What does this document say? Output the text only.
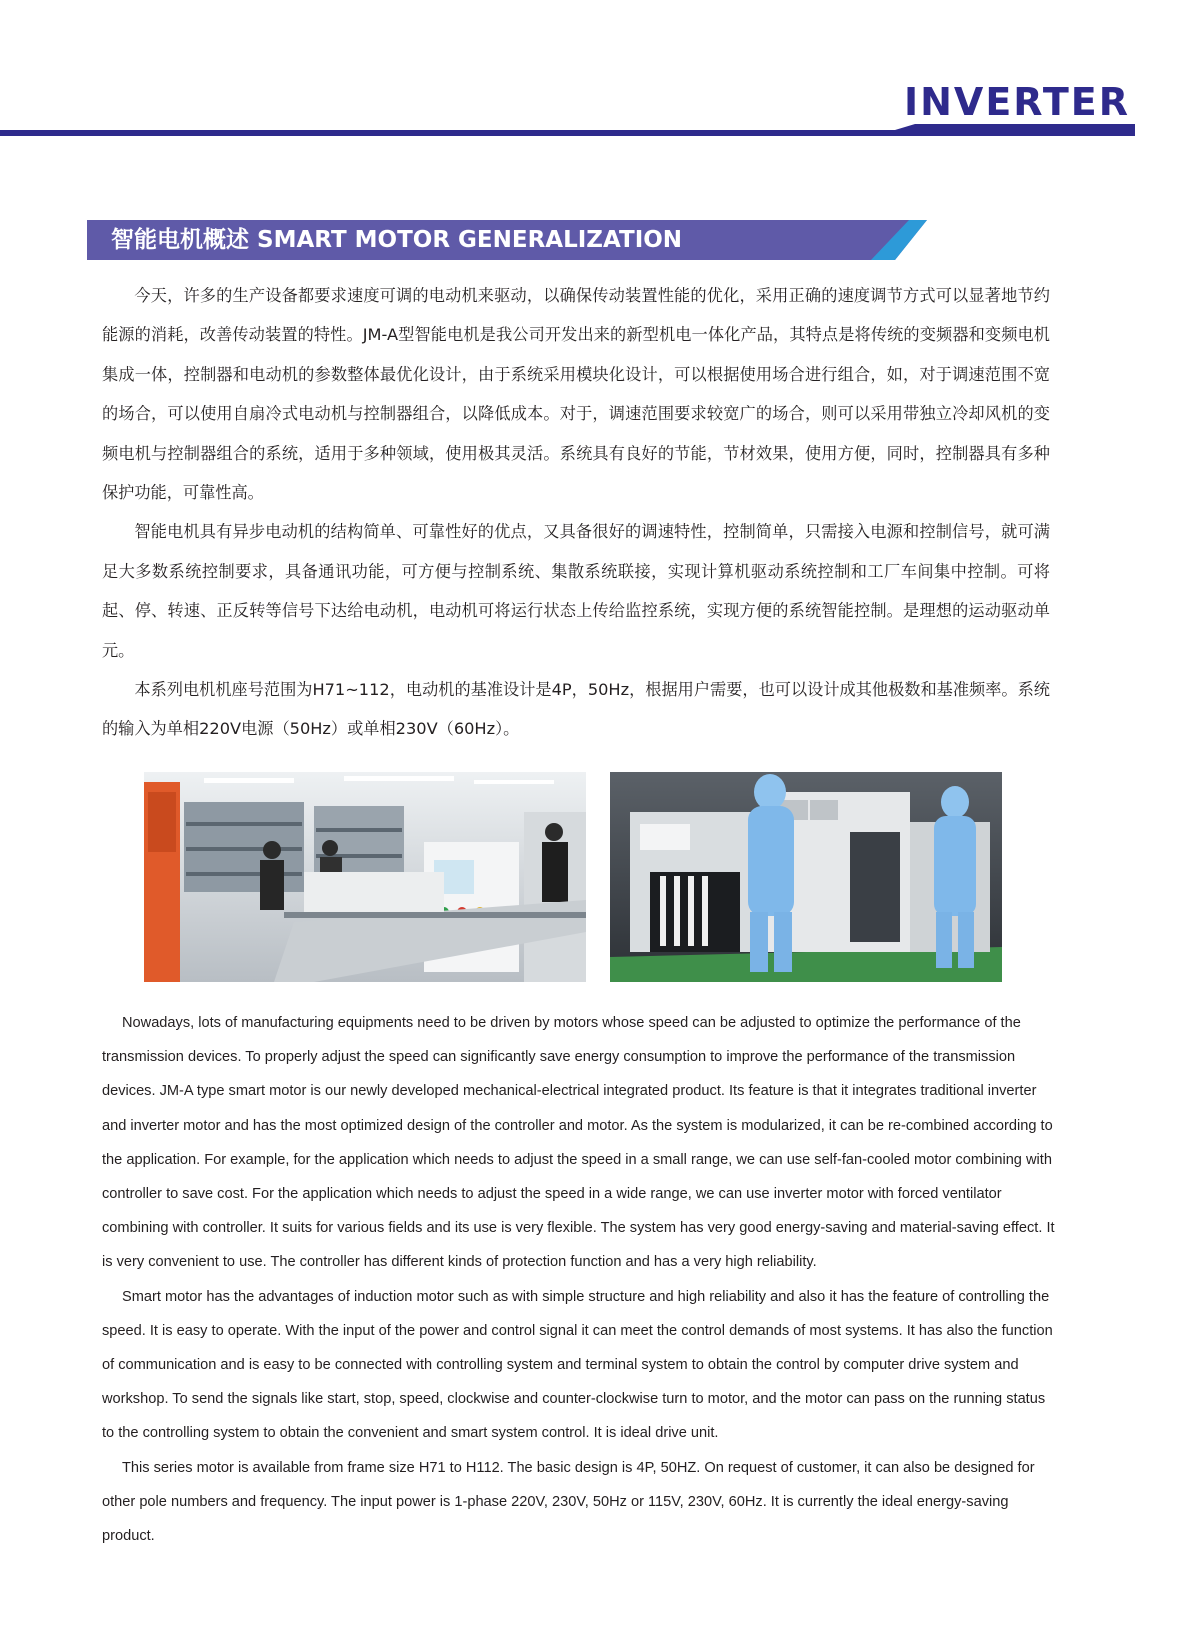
INVERTER
智能电机概述 SMART MOTOR GENERALIZATION

今天，许多的生产设备都要求速度可调的电动机来驱动，以确保传动装置性能的优化，采用正确的速度调节方式可以显著地节约能源的消耗，改善传动装置的特性。JM-A型智能电机是我公司开发出来的新型机电一体化产品，其特点是将传统的变频器和变频电机集成一体，控制器和电动机的参数整体最优化设计，由于系统采用模块化设计，可以根据使用场合进行组合，如，对于调速范围不宽的场合，可以使用自扇冷式电动机与控制器组合，以降低成本。对于，调速范围要求较宽广的场合，则可以采用带独立冷却风机的变频电机与控制器组合的系统，适用于多种领域，使用极其灵活。系统具有良好的节能，节材效果，使用方便，同时，控制器具有多种保护功能，可靠性高。

智能电机具有异步电动机的结构简单、可靠性好的优点，又具备很好的调速特性，控制简单，只需接入电源和控制信号，就可满足大多数系统控制要求，具备通讯功能，可方便与控制系统、集散系统联接，实现计算机驱动系统控制和工厂车间集中控制。可将起、停、转速、正反转等信号下达给电动机，电动机可将运行状态上传给监控系统，实现方便的系统智能控制。是理想的运动驱动单元。

本系列电机机座号范围为H71~112，电动机的基准设计是4P，50Hz，根据用户需要，也可以设计成其他极数和基准频率。系统的输入为单相220V电源（50Hz）或单相230V（60Hz）。

Nowadays, lots of manufacturing equipments need to be driven by motors whose speed can be adjusted to optimize the performance of the transmission devices. To properly adjust the speed can significantly save energy consumption to improve the performance of the transmission devices. JM-A type smart motor is our newly developed mechanical-electrical integrated product. Its feature is that it integrates traditional inverter and inverter motor and has the most optimized design of the controller and motor. As the system is modularized, it can be re-combined according to the application. For example, for the application which needs to adjust the speed in a small range, we can use self-fan-cooled motor combining with controller to save cost. For the application which needs to adjust the speed in a wide range, we can use inverter motor with forced ventilator combining with controller. It suits for various fields and its use is very flexible. The system has very good energy-saving and material-saving effect. It is very convenient to use. The controller has different kinds of protection function and has a very high reliability.

Smart motor has the advantages of induction motor such as with simple structure and high reliability and also it has the feature of controlling the speed. It is easy to operate. With the input of the power and control signal it can meet the control demands of most systems. It has also the function of communication and is easy to be connected with controlling system and terminal system to obtain the control by computer drive system and workshop. To send the signals like start, stop, speed, clockwise and counter-clockwise turn to motor, and the motor can pass on the running status to the controlling system to obtain the convenient and smart system control. It is ideal drive unit.

This series motor is available from frame size H71 to H112. The basic design is 4P, 50HZ. On request of customer, it can also be designed for other pole numbers and frequency. The input power is 1-phase 220V, 230V, 50Hz or 115V, 230V, 60Hz. It is currently the ideal energy-saving product.
